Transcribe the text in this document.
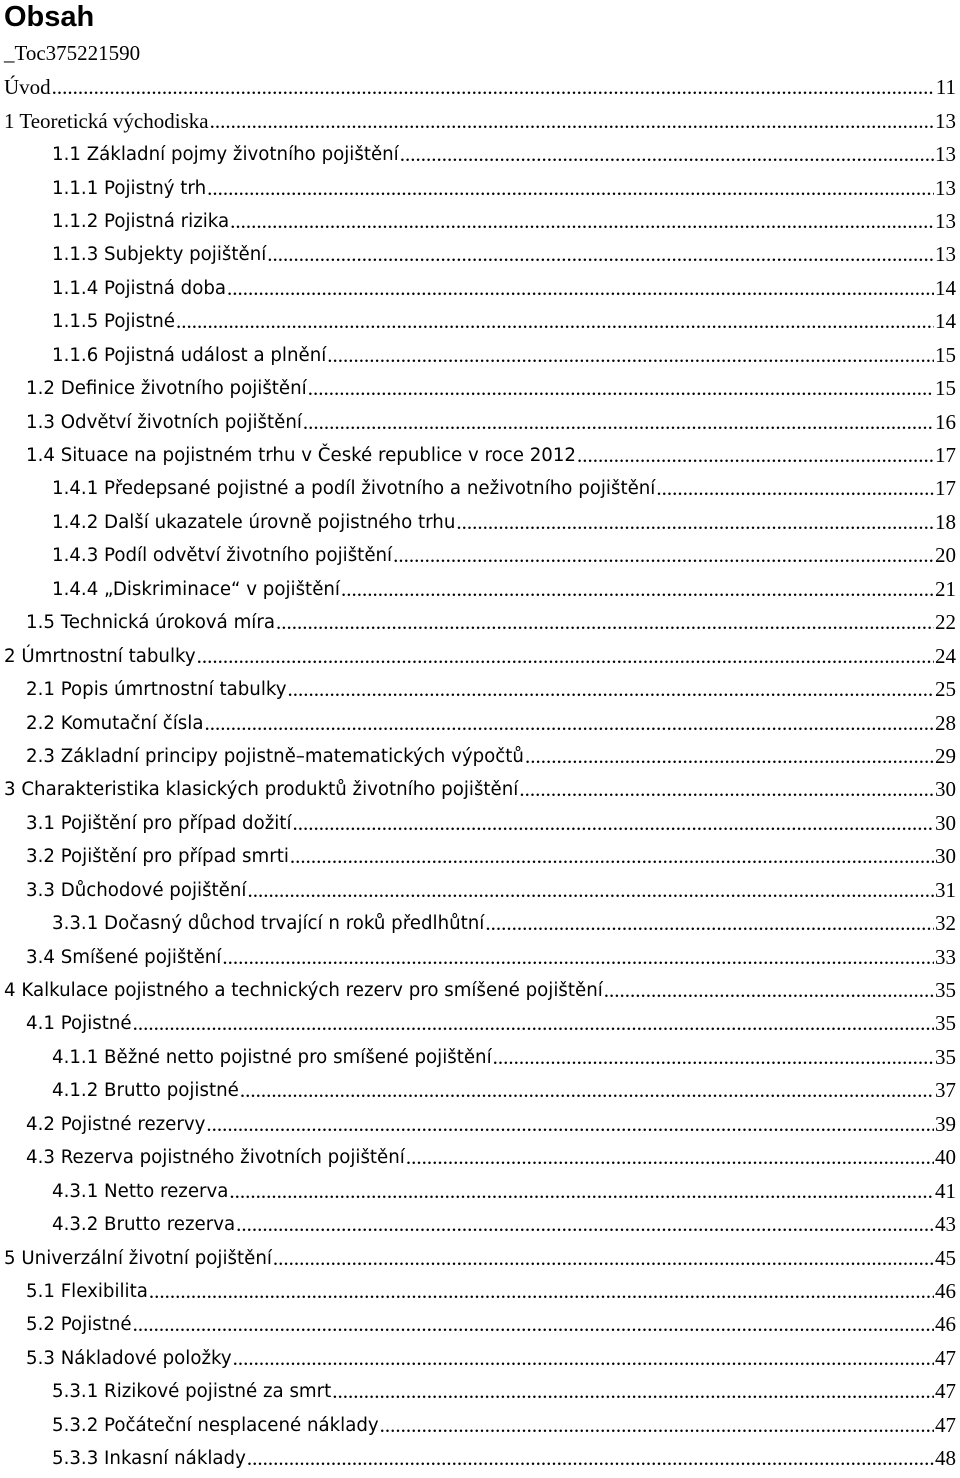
Obsah
_Toc375221590
Úvod .....	11
1 Teoretická východiska .....	13
1.1 Základní pojmy životního pojištění .....	13
1.1.1 Pojistný trh .....	13
1.1.2 Pojistná rizika .....	13
1.1.3 Subjekty pojištění .....	13
1.1.4 Pojistná doba .....	14
1.1.5 Pojistné .....	14
1.1.6 Pojistná událost a plnění .....	15
1.2 Definice životního pojištění .....	15
1.3 Odvětví životních pojištění .....	16
1.4 Situace na pojistném trhu v České republice v roce 2012 .....	17
1.4.1 Předepsané pojistné a podíl životního a neživotního pojištění .....	17
1.4.2 Další ukazatele úrovně pojistného trhu .....	18
1.4.3 Podíl odvětví životního pojištění .....	20
1.4.4 „Diskriminace“ v pojištění .....	21
1.5 Technická úroková míra .....	22
2 Úmrtnostní tabulky .....	24
2.1 Popis úmrtnostní tabulky .....	25
2.2 Komutační čísla .....	28
2.3 Základní principy pojistně–matematických výpočtů .....	29
3 Charakteristika klasických produktů životního pojištění .....	30
3.1 Pojištění pro případ dožití .....	30
3.2 Pojištění pro případ smrti .....	30
3.3 Důchodové pojištění .....	31
3.3.1 Dočasný důchod trvající n roků předlhůtní .....	32
3.4 Smíšené pojištění .....	33
4 Kalkulace pojistného a technických rezerv pro smíšené pojištění .....	35
4.1 Pojistné .....	35
4.1.1 Běžné netto pojistné pro smíšené pojištění .....	35
4.1.2 Brutto pojistné .....	37
4.2 Pojistné rezervy .....	39
4.3 Rezerva pojistného životních pojištění .....	40
4.3.1 Netto rezerva .....	41
4.3.2 Brutto rezerva .....	43
5 Univerzální životní pojištění .....	45
5.1 Flexibilita .....	46
5.2 Pojistné .....	46
5.3 Nákladové položky .....	47
5.3.1 Rizikové pojistné za smrt .....	47
5.3.2 Počáteční nesplacené náklady .....	47
5.3.3 Inkasní náklady .....	48
